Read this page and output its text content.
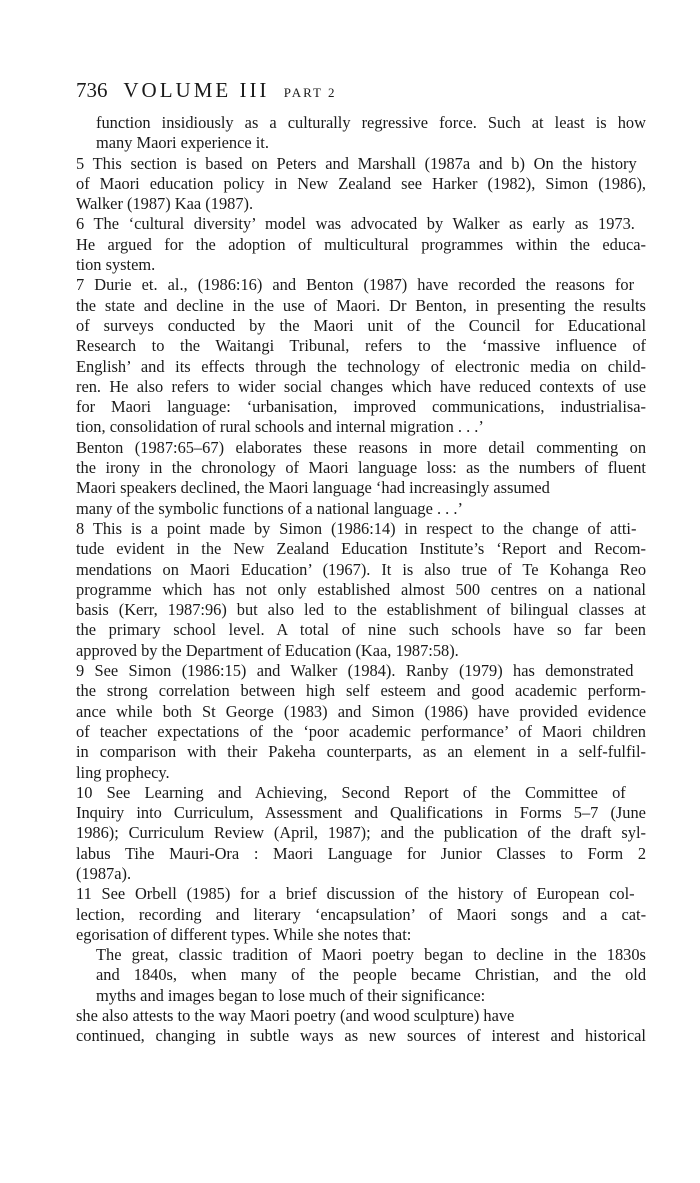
736 VOLUME III PART 2
function insidiously as a culturally regressive force. Such at least is how
many Maori experience it.
5 This section is based on Peters and Marshall (1987a and b) On the history
of Maori education policy in New Zealand see Harker (1982), Simon (1986),
Walker (1987) Kaa (1987).
6 The ‘cultural diversity’ model was advocated by Walker as early as 1973.
He argued for the adoption of multicultural programmes within the educa-
tion system.
7 Durie et. al., (1986:16) and Benton (1987) have recorded the reasons for
the state and decline in the use of Maori. Dr Benton, in presenting the results
of surveys conducted by the Maori unit of the Council for Educational
Research to the Waitangi Tribunal, refers to the ‘massive influence of
English’ and its effects through the technology of electronic media on child-
ren. He also refers to wider social changes which have reduced contexts of use
for Maori language: ‘urbanisation, improved communications, industrialisa-
tion, consolidation of rural schools and internal migration . . .’
Benton (1987:65–67) elaborates these reasons in more detail commenting on
the irony in the chronology of Maori language loss: as the numbers of fluent
Maori speakers declined, the Maori language ‘had increasingly assumed
many of the symbolic functions of a national language . . .’
8 This is a point made by Simon (1986:14) in respect to the change of atti-
tude evident in the New Zealand Education Institute’s ‘Report and Recom-
mendations on Maori Education’ (1967). It is also true of Te Kohanga Reo
programme which has not only established almost 500 centres on a national
basis (Kerr, 1987:96) but also led to the establishment of bilingual classes at
the primary school level. A total of nine such schools have so far been
approved by the Department of Education (Kaa, 1987:58).
9 See Simon (1986:15) and Walker (1984). Ranby (1979) has demonstrated
the strong correlation between high self esteem and good academic perform-
ance while both St George (1983) and Simon (1986) have provided evidence
of teacher expectations of the ‘poor academic performance’ of Maori children
in comparison with their Pakeha counterparts, as an element in a self-fulfil-
ling prophecy.
10 See Learning and Achieving, Second Report of the Committee of
Inquiry into Curriculum, Assessment and Qualifications in Forms 5–7 (June
1986); Curriculum Review (April, 1987); and the publication of the draft syl-
labus Tihe Mauri-Ora : Maori Language for Junior Classes to Form 2
(1987a).
11 See Orbell (1985) for a brief discussion of the history of European col-
lection, recording and literary ‘encapsulation’ of Maori songs and a cat-
egorisation of different types. While she notes that:
The great, classic tradition of Maori poetry began to decline in the 1830s
and 1840s, when many of the people became Christian, and the old
myths and images began to lose much of their significance:
she also attests to the way Maori poetry (and wood sculpture) have
continued, changing in subtle ways as new sources of interest and historical
